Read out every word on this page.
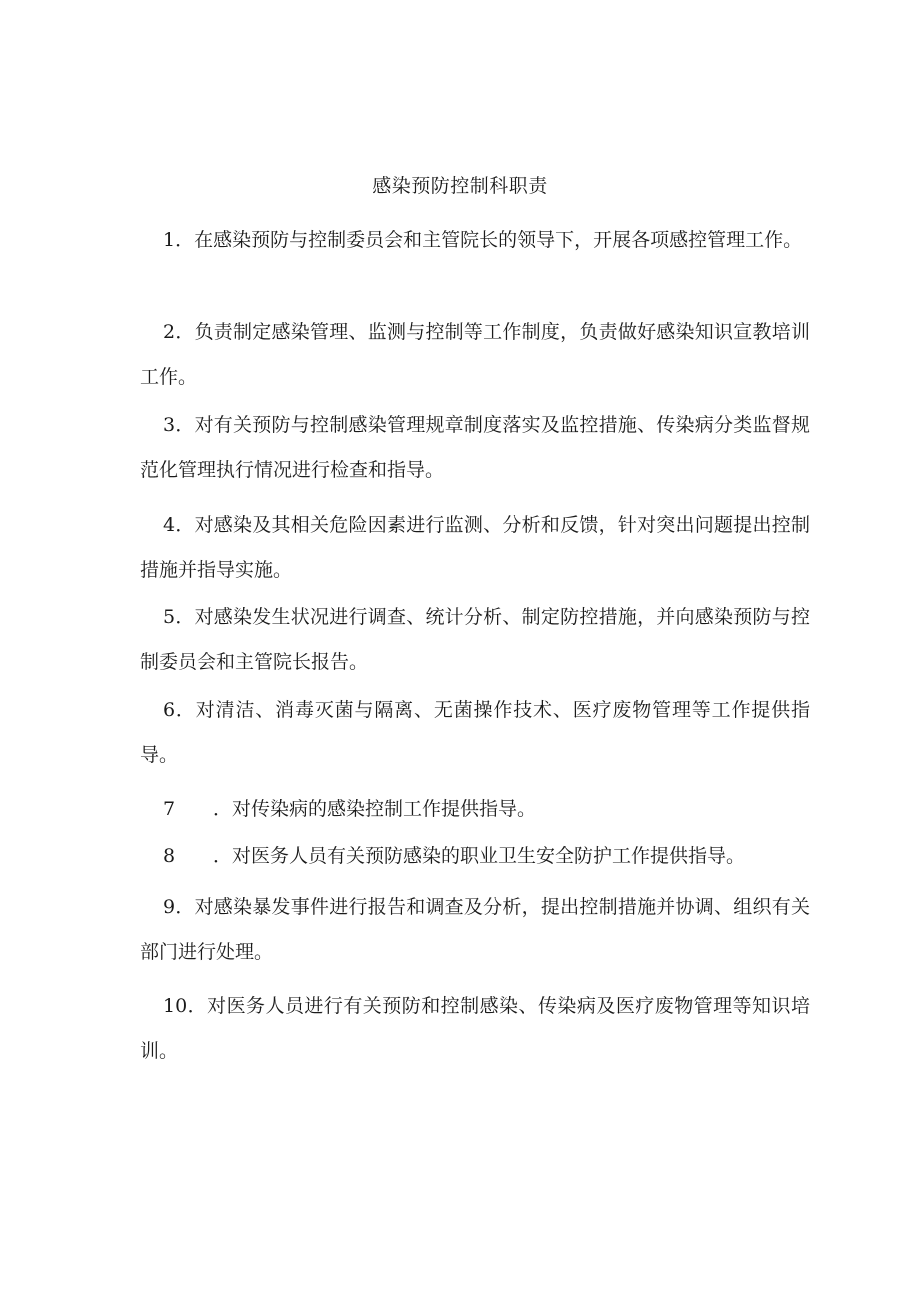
感染预防控制科职责
1．在感染预防与控制委员会和主管院长的领导下，开展各项感控管理工作。
2．负责制定感染管理、监测与控制等工作制度，负责做好感染知识宣教培训工作。
3．对有关预防与控制感染管理规章制度落实及监控措施、传染病分类监督规范化管理执行情况进行检查和指导。
4．对感染及其相关危险因素进行监测、分析和反馈，针对突出问题提出控制措施并指导实施。
5．对感染发生状况进行调查、统计分析、制定防控措施，并向感染预防与控制委员会和主管院长报告。
6．对清洁、消毒灭菌与隔离、无菌操作技术、医疗废物管理等工作提供指导。
7 ．对传染病的感染控制工作提供指导。
8 ．对医务人员有关预防感染的职业卫生安全防护工作提供指导。
9．对感染暴发事件进行报告和调查及分析，提出控制措施并协调、组织有关部门进行处理。
10．对医务人员进行有关预防和控制感染、传染病及医疗废物管理等知识培训。
